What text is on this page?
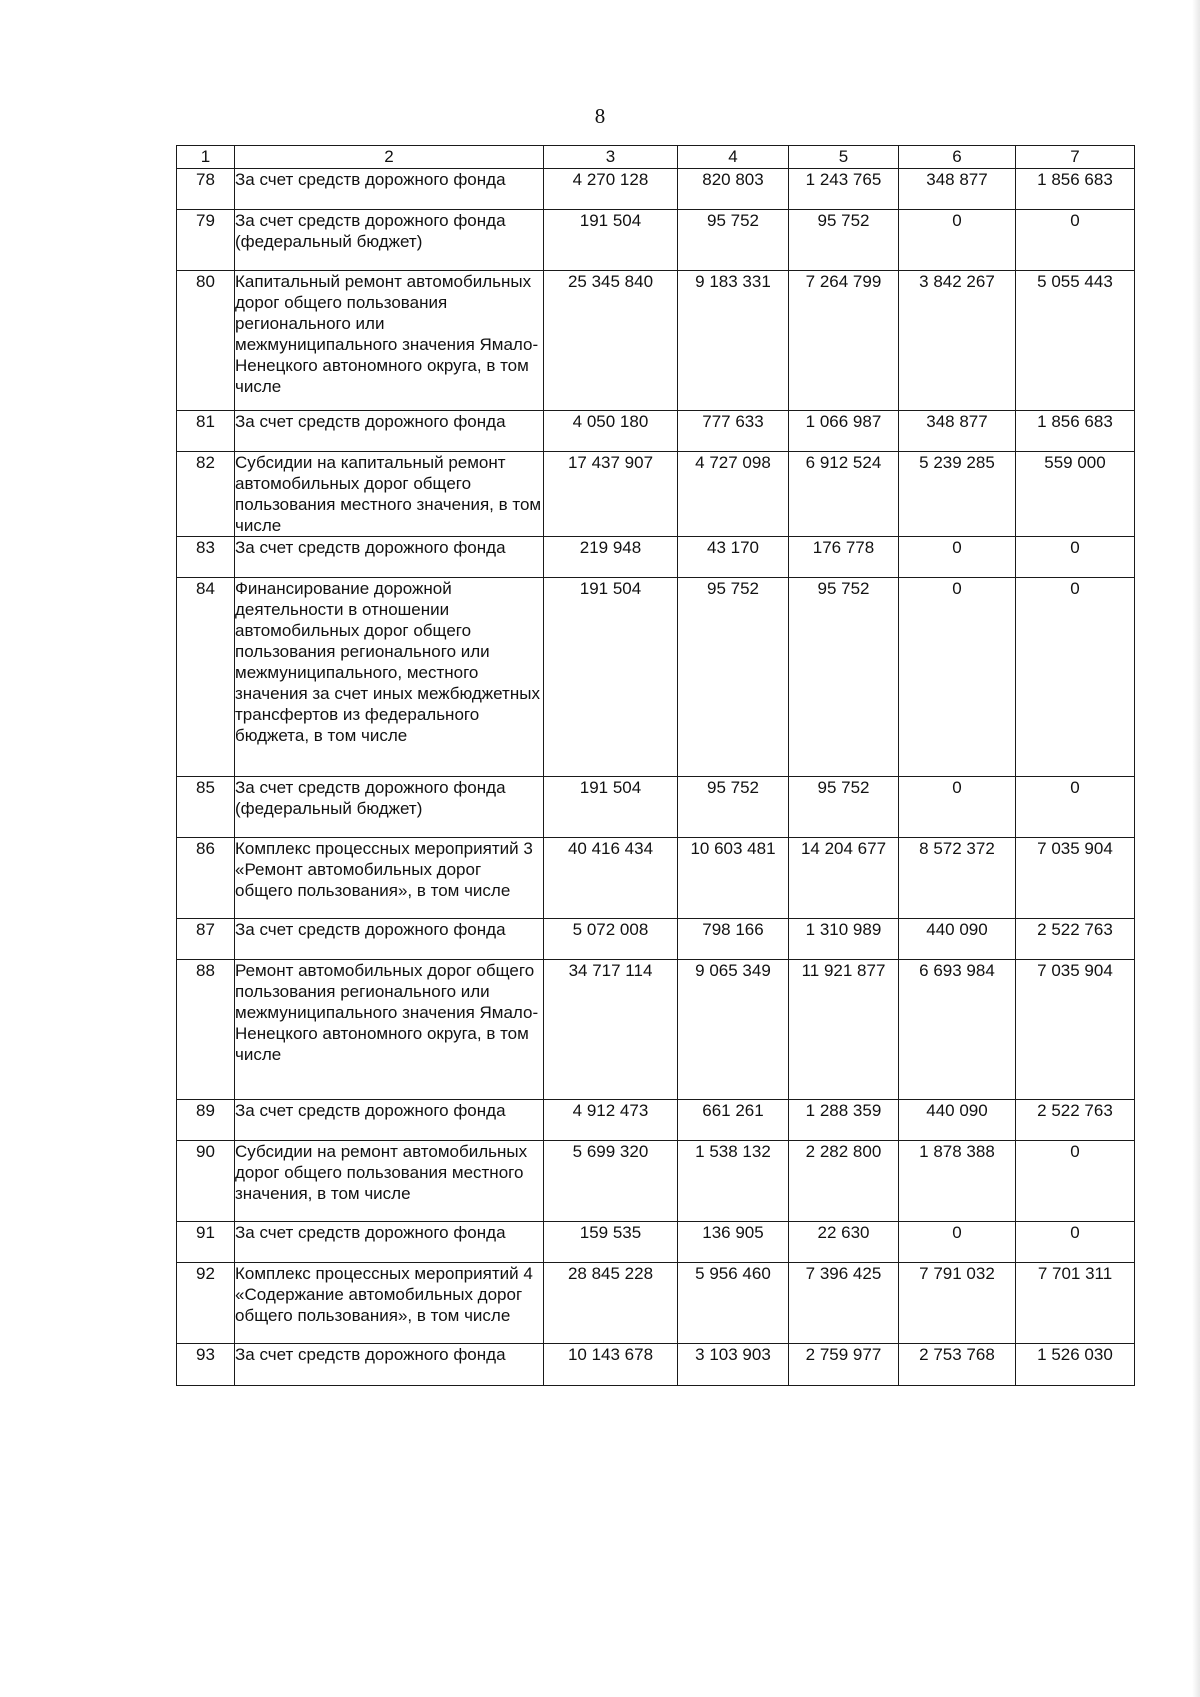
8
1	2	3	4	5	6	7
78	За счет средств дорожного фонда	4 270 128	820 803	1 243 765	348 877	1 856 683
79	За счет средств дорожного фонда (федеральный бюджет)	191 504	95 752	95 752	0	0
80	Капитальный ремонт автомобильных дорог общего пользования регионального или межмуниципального значения Ямало-Ненецкого автономного округа, в том числе	25 345 840	9 183 331	7 264 799	3 842 267	5 055 443
81	За счет средств дорожного фонда	4 050 180	777 633	1 066 987	348 877	1 856 683
82	Субсидии на капитальный ремонт автомобильных дорог общего пользования местного значения, в том числе	17 437 907	4 727 098	6 912 524	5 239 285	559 000
83	За счет средств дорожного фонда	219 948	43 170	176 778	0	0
84	Финансирование дорожной деятельности в отношении автомобильных дорог общего пользования регионального или межмуниципального, местного значения за счет иных межбюджетных трансфертов из федерального бюджета, в том числе	191 504	95 752	95 752	0	0
85	За счет средств дорожного фонда (федеральный бюджет)	191 504	95 752	95 752	0	0
86	Комплекс процессных мероприятий 3 «Ремонт автомобильных дорог общего пользования», в том числе	40 416 434	10 603 481	14 204 677	8 572 372	7 035 904
87	За счет средств дорожного фонда	5 072 008	798 166	1 310 989	440 090	2 522 763
88	Ремонт автомобильных дорог общего пользования регионального или межмуниципального значения Ямало-Ненецкого автономного округа, в том числе	34 717 114	9 065 349	11 921 877	6 693 984	7 035 904
89	За счет средств дорожного фонда	4 912 473	661 261	1 288 359	440 090	2 522 763
90	Субсидии на ремонт автомобильных дорог общего пользования местного значения, в том числе	5 699 320	1 538 132	2 282 800	1 878 388	0
91	За счет средств дорожного фонда	159 535	136 905	22 630	0	0
92	Комплекс процессных мероприятий 4 «Содержание автомобильных дорог общего пользования», в том числе	28 845 228	5 956 460	7 396 425	7 791 032	7 701 311
93	За счет средств дорожного фонда	10 143 678	3 103 903	2 759 977	2 753 768	1 526 030
